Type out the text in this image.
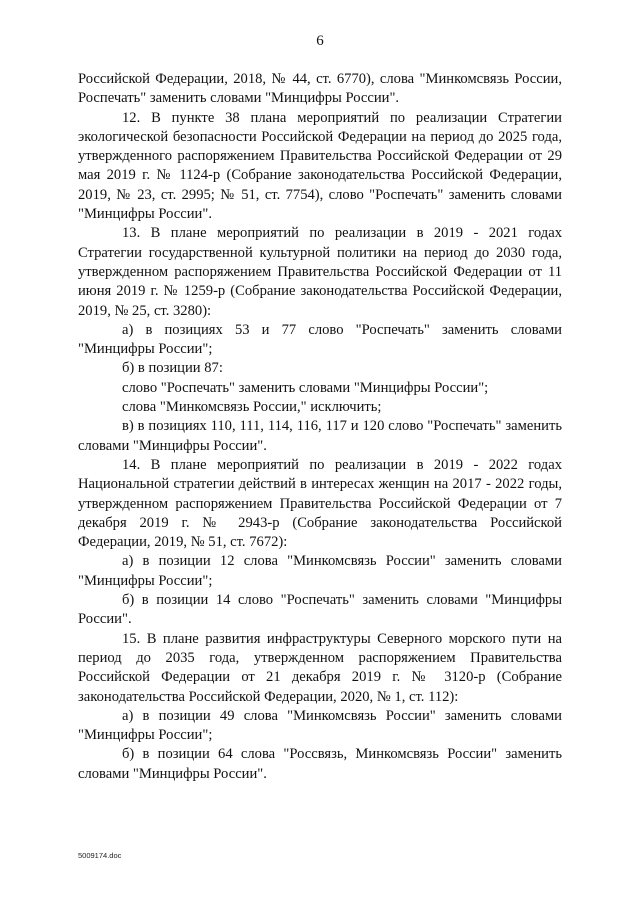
6

Российской Федерации, 2018, № 44, ст. 6770), слова "Минкомсвязь России, Роспечать" заменить словами "Минцифры России".

12. В пункте 38 плана мероприятий по реализации Стратегии экологической безопасности Российской Федерации на период до 2025 года, утвержденного распоряжением Правительства Российской Федерации от 29 мая 2019 г. № 1124-р (Собрание законодательства Российской Федерации, 2019, № 23, ст. 2995; № 51, ст. 7754), слово "Роспечать" заменить словами "Минцифры России".

13. В плане мероприятий по реализации в 2019 - 2021 годах Стратегии государственной культурной политики на период до 2030 года, утвержденном распоряжением Правительства Российской Федерации от 11 июня 2019 г. № 1259-р (Собрание законодательства Российской Федерации, 2019, № 25, ст. 3280):

а) в позициях 53 и 77 слово "Роспечать" заменить словами "Минцифры России";

б) в позиции 87:

слово "Роспечать" заменить словами "Минцифры России";

слова "Минкомсвязь России," исключить;

в) в позициях 110, 111, 114, 116, 117 и 120 слово "Роспечать" заменить словами "Минцифры России".

14. В плане мероприятий по реализации в 2019 - 2022 годах Национальной стратегии действий в интересах женщин на 2017 - 2022 годы, утвержденном распоряжением Правительства Российской Федерации от 7 декабря 2019 г. № 2943-р (Собрание законодательства Российской Федерации, 2019, № 51, ст. 7672):

а) в позиции 12 слова "Минкомсвязь России" заменить словами "Минцифры России";

б) в позиции 14 слово "Роспечать" заменить словами "Минцифры России".

15. В плане развития инфраструктуры Северного морского пути на период до 2035 года, утвержденном распоряжением Правительства Российской Федерации от 21 декабря 2019 г. № 3120-р (Собрание законодательства Российской Федерации, 2020, № 1, ст. 112):

а) в позиции 49 слова "Минкомсвязь России" заменить словами "Минцифры России";

б) в позиции 64 слова "Россвязь, Минкомсвязь России" заменить словами "Минцифры России".

5009174.doc
